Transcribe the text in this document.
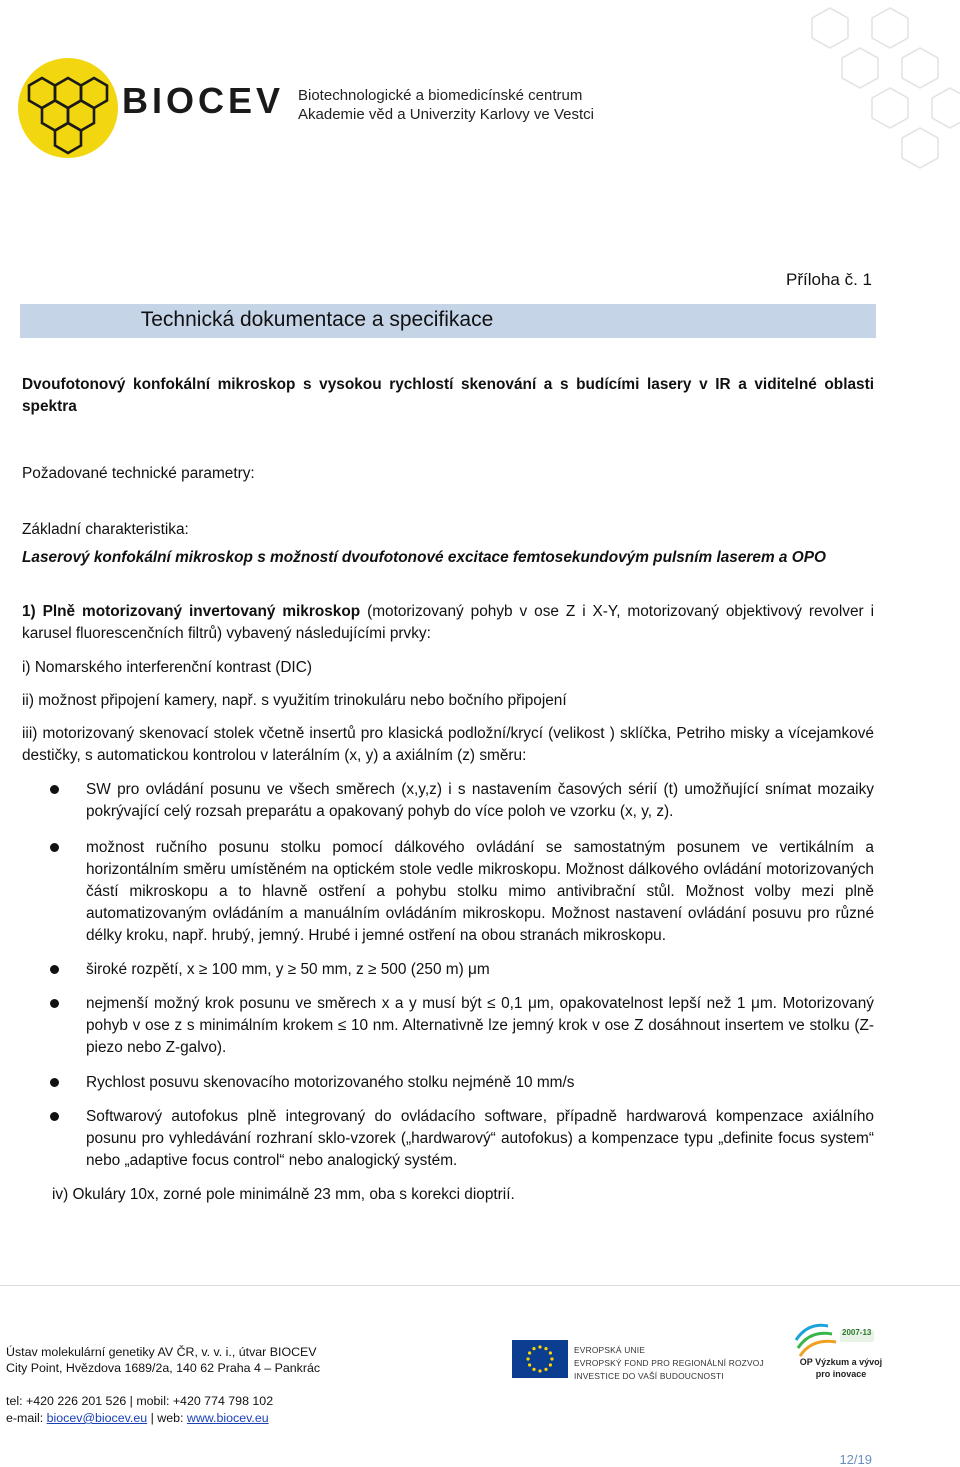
BIOCEV Biotechnologické a biomedicínské centrum
Akademie věd a Univerzity Karlovy ve Vestci
Příloha č. 1
Technická dokumentace a specifikace
Dvoufotonový konfokální mikroskop s vysokou rychlostí skenování a s budícími lasery v IR a viditelné oblasti spektra
Požadované technické parametry:
Základní charakteristika:
Laserový konfokální mikroskop s možností dvoufotonové excitace femtosekundovým pulsním laserem a OPO
1) Plně motorizovaný invertovaný mikroskop (motorizovaný pohyb v ose Z i X-Y, motorizovaný objektivový revolver i karusel fluorescenčních filtrů) vybavený následujícími prvky:
i) Nomarského interferenční kontrast (DIC)
ii) možnost připojení kamery, např. s využitím trinokuláru nebo bočního připojení
iii) motorizovaný skenovací stolek včetně insertů pro klasická podložní/krycí (velikost ) sklíčka, Petriho misky a vícejamkové destičky, s automatickou kontrolou v laterálním (x, y) a axiálním (z) směru:
SW pro ovládání posunu ve všech směrech (x,y,z) i s nastavením časových sérií (t) umožňující snímat mozaiky pokrývající celý rozsah preparátu a opakovaný pohyb do více poloh ve vzorku (x, y, z).
možnost ručního posunu stolku pomocí dálkového ovládání se samostatným posunem ve vertikálním a horizontálním směru umístěném na optickém stole vedle mikroskopu. Možnost dálkového ovládání motorizovaných částí mikroskopu a to hlavně ostření a pohybu stolku mimo antivibrační stůl. Možnost volby mezi plně automatizovaným ovládáním a manuálním ovládáním mikroskopu. Možnost nastavení ovládání posuvu pro různé délky kroku, např. hrubý, jemný. Hrubé i jemné ostření na obou stranách mikroskopu.
široké rozpětí, x ≥ 100 mm, y ≥ 50 mm, z ≥ 500 (250 m) μm
nejmenší možný krok posunu ve směrech x a y musí být ≤ 0,1 μm, opakovatelnost lepší než 1 μm. Motorizovaný pohyb v ose z s minimálním krokem ≤ 10 nm. Alternativně lze jemný krok v ose Z dosáhnout insertem ve stolku (Z-piezo nebo Z-galvo).
Rychlost posuvu skenovacího motorizovaného stolku nejméně 10 mm/s
Softwarový autofokus plně integrovaný do ovládacího software, případně hardwarová kompenzace axiálního posunu pro vyhledávání rozhraní sklo-vzorek („hardwarový“ autofokus) a kompenzace typu „definite focus system“ nebo „adaptive focus control“ nebo analogický systém.
iv) Okuláry 10x, zorné pole minimálně 23 mm, oba s korekci dioptrií.
Ústav molekulární genetiky AV ČR, v. v. i., útvar BIOCEV
City Point, Hvězdova 1689/2a, 140 62 Praha 4 – Pankrác
tel: +420 226 201 526 | mobil: +420 774 798 102
e-mail: biocev@biocev.eu | web: www.biocev.eu
EVROPSKÁ UNIE
EVROPSKÝ FOND PRO REGIONÁLNÍ ROZVOJ
INVESTICE DO VAŠÍ BUDOUCNOSTI
2007-13
OP Výzkum a vývoj
pro inovace
12/19
